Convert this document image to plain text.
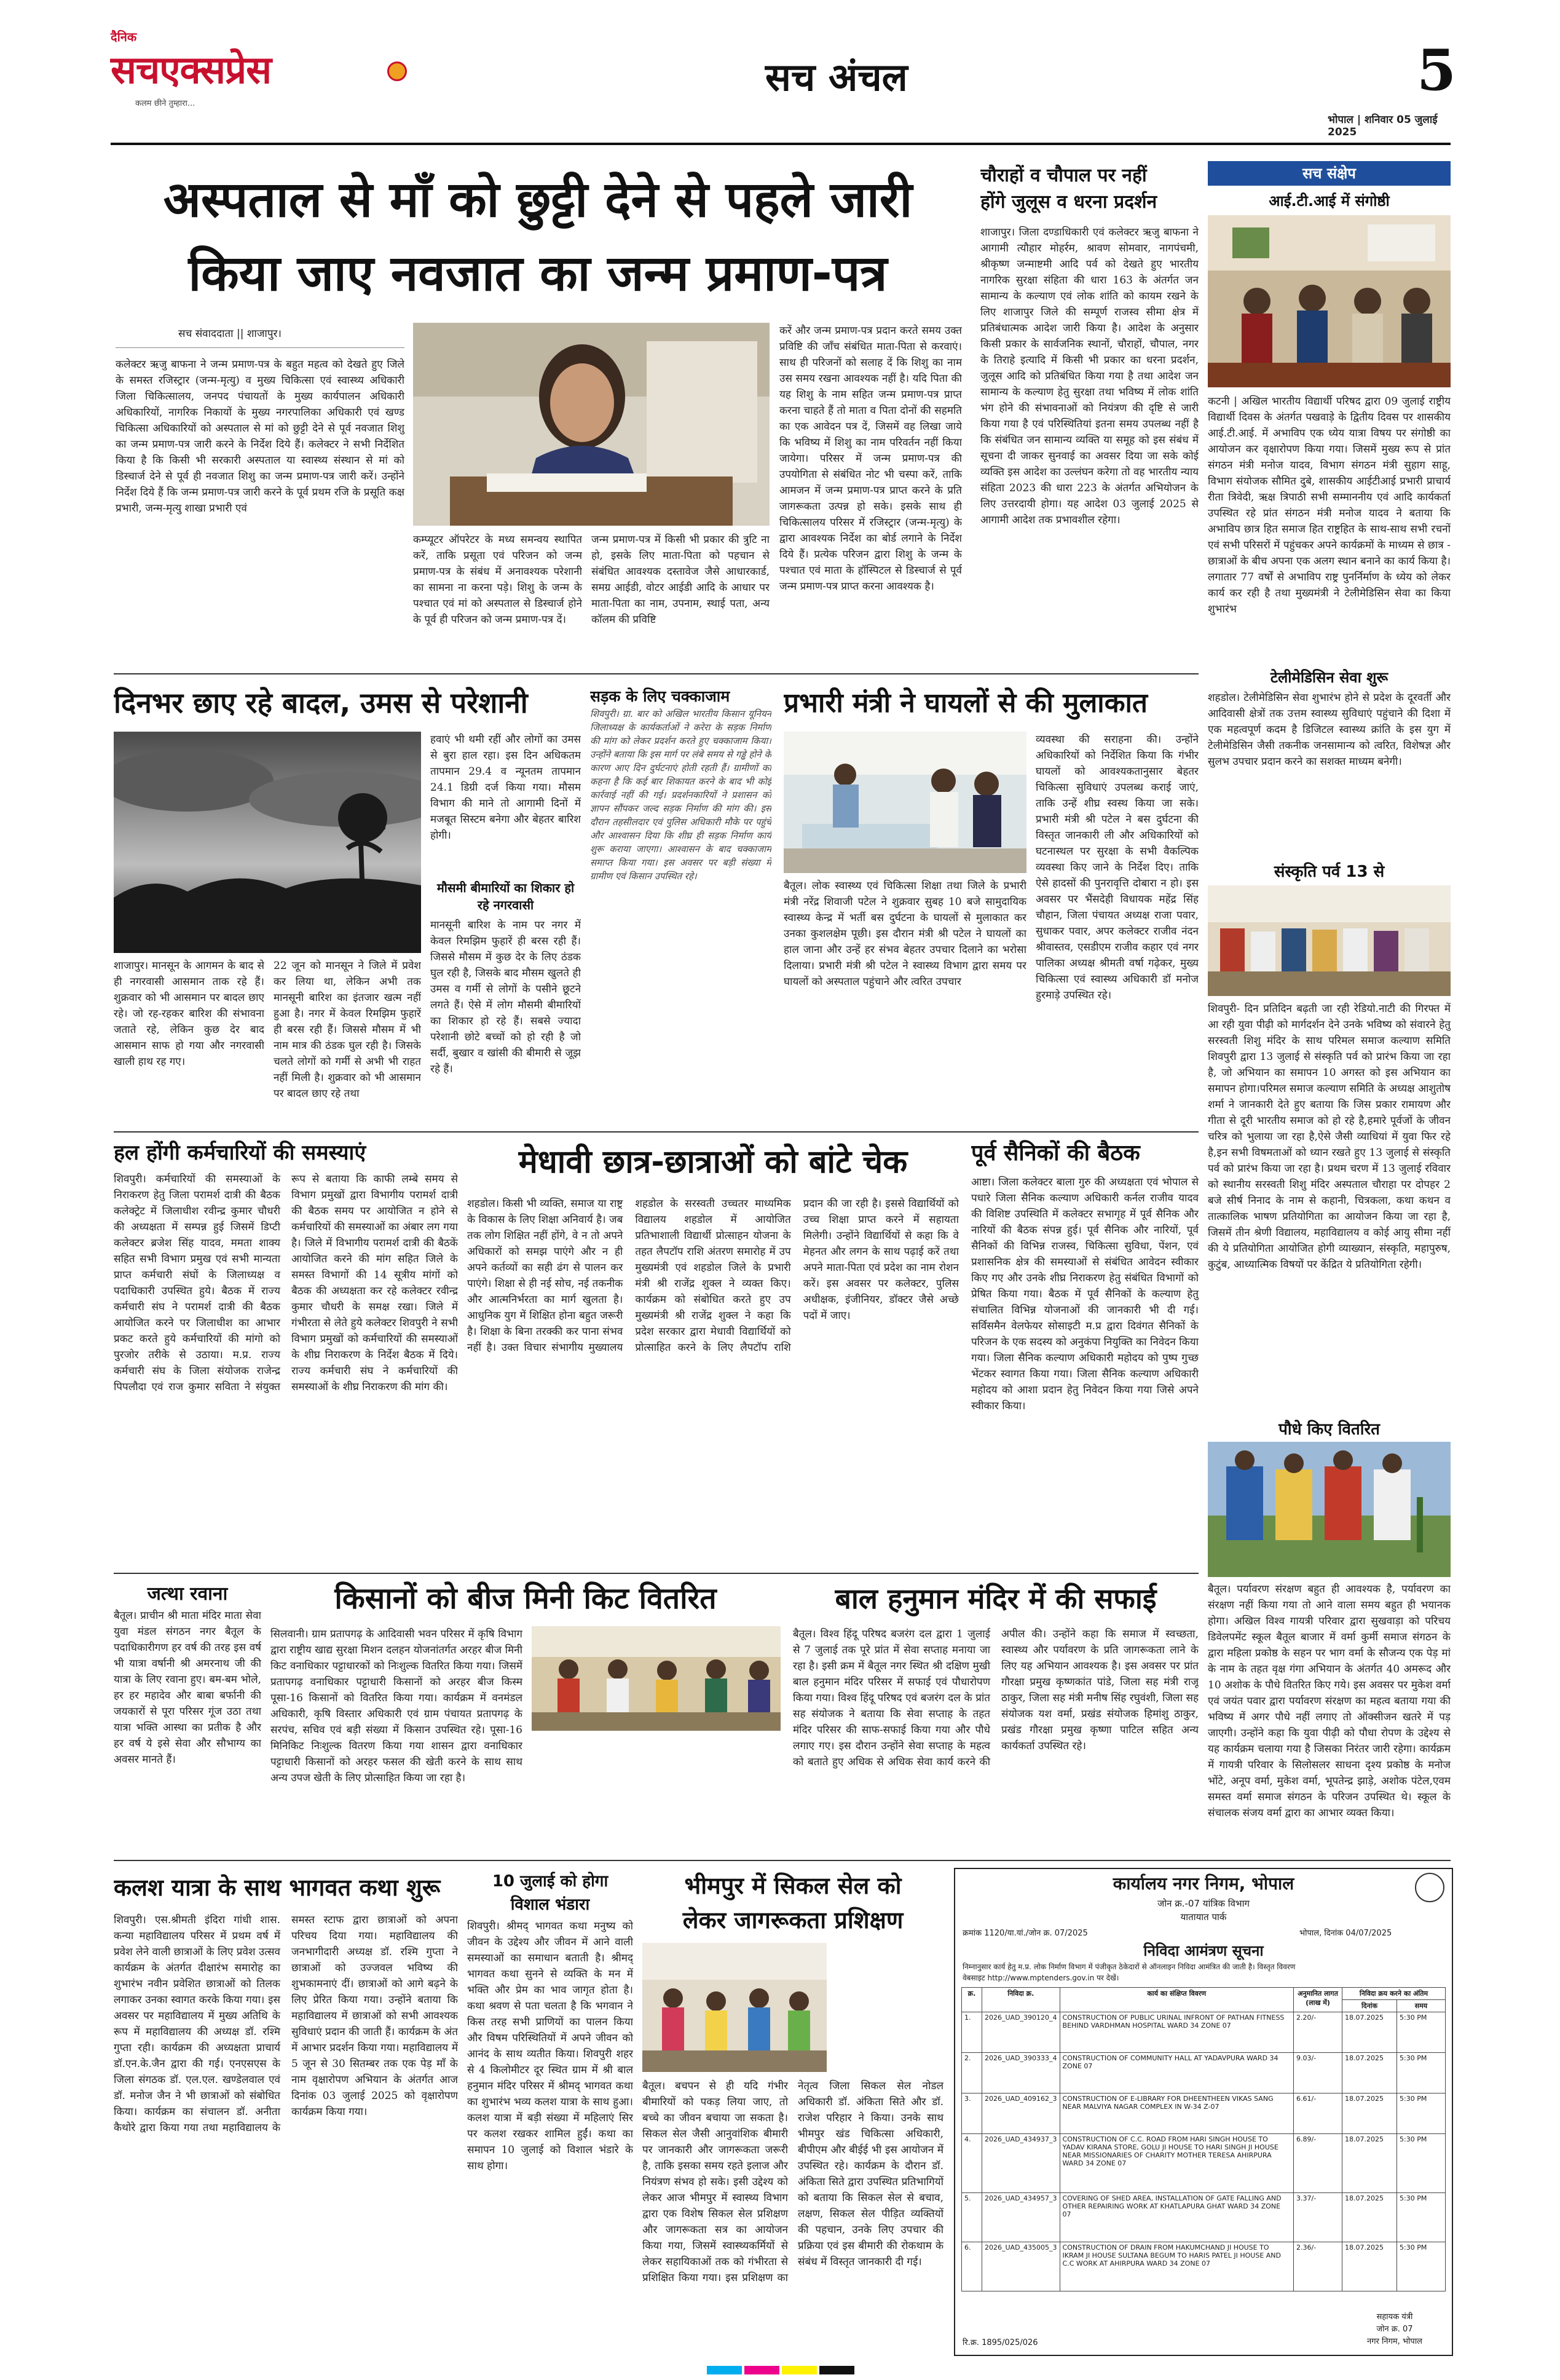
दैनिक
सचएक्सप्रेस
कलम छीने तुम्हारा...
सच अंचल	5
भोपाल | शनिवार 05 जुलाई 2025
अस्पताल से माँ को छुट्टी देने से पहले जारी
किया जाए नवजात का जन्म प्रमाण-पत्र
सच संवाददाता || शाजापुर।
कलेक्टर ऋजु बाफना ने जन्म प्रमाण-पत्र के बहुत महत्व को देखते हुए जिले के समस्त रजिस्ट्रार (जन्म-मृत्यु) व मुख्य चिकित्सा एवं स्वास्थ्य अधिकारी जिला चिकित्सालय, जनपद पंचायतों के मुख्य कार्यपालन अधिकारी अधिकारियों, नागरिक निकायों के मुख्य नगरपालिका अधिकारी एवं खण्ड चिकित्सा अधिकारियों को अस्पताल से मां को छुट्टी देने से पूर्व नवजात शिशु का जन्म प्रमाण-पत्र जारी करने के निर्देश दिये हैं। कलेक्टर ने सभी निर्देशित किया है कि किसी भी सरकारी अस्पताल या स्वास्थ्य संस्थान से मां को डिस्चार्ज देने से पूर्व ही नवजात शिशु का जन्म प्रमाण-पत्र जारी करें। उन्होंने निर्देश दिये हैं कि जन्म प्रमाण-पत्र जारी करने के पूर्व प्रथम रजि के प्रसूति कक्ष प्रभारी, जन्म-मृत्यु शाखा प्रभारी एवं
कम्प्यूटर ऑपरेटर के मध्य समन्वय स्थापित करें, ताकि प्रसूता एवं परिजन को जन्म प्रमाण-पत्र के संबंध में अनावश्यक परेशानी का सामना ना करना पड़े। शिशु के जन्म के पश्चात एवं मां को अस्पताल से डिस्चार्ज होने के पूर्व ही परिजन को जन्म प्रमाण-पत्र दें।
जन्म प्रमाण-पत्र में किसी भी प्रकार की त्रुटि ना हो, इसके लिए माता-पिता को पहचान से संबंधित आवश्यक दस्तावेज जैसे आधारकार्ड, समग्र आईडी, वोटर आईडी आदि के आधार पर माता-पिता का नाम, उपनाम, स्थाई पता, अन्य कॉलम की प्रविष्टि
करें और जन्म प्रमाण-पत्र प्रदान करते समय उक्त प्रविष्टि की जाँच संबंधित माता-पिता से करवाएं। साथ ही परिजनों को सलाह दें कि शिशु का नाम उस समय रखना आवश्यक नहीं है। यदि पिता की यह शिशु के नाम सहित जन्म प्रमाण-पत्र प्राप्त करना चाहते हैं तो माता व पिता दोनों की सहमति का एक आवेदन पत्र दें, जिसमें वह लिखा जाये कि भविष्य में शिशु का नाम परिवर्तन नहीं किया जायेगा। परिसर में जन्म प्रमाण-पत्र की उपयोगिता से संबंधित नोट भी चस्पा करें, ताकि आमजन में जन्म प्रमाण-पत्र प्राप्त करने के प्रति जागरूकता उत्पन्न हो सके। इसके साथ ही चिकित्सालय परिसर में रजिस्ट्रार (जन्म-मृत्यु) के द्वारा आवश्यक निर्देश का बोर्ड लगाने के निर्देश दिये हैं। प्रत्येक परिजन द्वारा शिशु के जन्म के पश्चात एवं माता के हॉस्पिटल से डिस्चार्ज से पूर्व जन्म प्रमाण-पत्र प्राप्त करना आवश्यक है।
चौराहों व चौपाल पर नहीं
होंगे जुलूस व धरना प्रदर्शन
शाजापुर। जिला दण्डाधिकारी एवं कलेक्टर ऋजु बाफना ने आगामी त्यौहार मोहर्रम, श्रावण सोमवार, नागपंचमी, श्रीकृष्ण जन्माष्टमी आदि पर्व को देखते हुए भारतीय नागरिक सुरक्षा संहिता की धारा 163 के अंतर्गत जन सामान्य के कल्याण एवं लोक शांति को कायम रखने के लिए शाजापुर जिले की सम्पूर्ण राजस्व सीमा क्षेत्र में प्रतिबंधात्मक आदेश जारी किया है। आदेश के अनुसार किसी प्रकार के सार्वजनिक स्थानों, चौराहों, चौपाल, नगर के तिराहे इत्यादि में किसी भी प्रकार का धरना प्रदर्शन, जुलूस आदि को प्रतिबंधित किया गया है तथा आदेश जन सामान्य के कल्याण हेतु सुरक्षा तथा भविष्य में लोक शांति भंग होने की संभावनाओं को नियंत्रण की दृष्टि से जारी किया गया है एवं परिस्थितियां इतना समय उपलब्ध नहीं है कि संबंधित जन सामान्य व्यक्ति या समूह को इस संबंध में सूचना दी जाकर सुनवाई का अवसर दिया जा सके कोई व्यक्ति इस आदेश का उल्लंघन करेगा तो वह भारतीय न्याय संहिता 2023 की धारा 223 के अंतर्गत अभियोजन के लिए उत्तरदायी होगा। यह आदेश 03 जुलाई 2025 से आगामी आदेश तक प्रभावशील रहेगा।
सच संक्षेप
आई.टी.आई में संगोष्ठी
कटनी | अखिल भारतीय विद्यार्थी परिषद द्वारा 09 जुलाई राष्ट्रीय विद्यार्थी दिवस के अंतर्गत पखवाड़े के द्वितीय दिवस पर शासकीय आई.टी.आई. में अभाविप एक ध्येय यात्रा विषय पर संगोष्ठी का आयोजन कर वृक्षारोपण किया गया। जिसमें मुख्य रूप से प्रांत संगठन मंत्री मनोज यादव, विभाग संगठन मंत्री सुहाग साहू, विभाग संयोजक सौमित दुबे, शासकीय आईटीआई प्रभारी प्राचार्य रीता त्रिवेदी, ऋक्ष त्रिपाठी सभी सम्माननीय एवं आदि कार्यकर्ता उपस्थित रहे प्रांत संगठन मंत्री मनोज यादव ने बताया कि अभाविप छात्र हित समाज हित राष्ट्रहित के साथ-साथ सभी रचनों एवं सभी परिसरों में पहुंचकर अपने कार्यक्रमों के माध्यम से छात्र - छात्राओं के बीच अपना एक अलग स्थान बनाने का कार्य किया है। लगातार 77 वर्षों से अभाविप राष्ट्र पुनर्निर्माण के ध्येय को लेकर कार्य कर रही है तथा मुख्यमंत्री ने टेलीमेडिसिन सेवा का किया शुभारंभ
टेलीमेडिसिन सेवा शुरू
शहडोल। टेलीमेडिसिन सेवा शुभारंभ होने से प्रदेश के दूरवर्ती और आदिवासी क्षेत्रों तक उत्तम स्वास्थ्य सुविधाएं पहुंचाने की दिशा में एक महत्वपूर्ण कदम है डिजिटल स्वास्थ्य क्रांति के इस युग में टेलीमेडिसिन जैसी तकनीक जनसामान्य को त्वरित, विशेषज्ञ और सुलभ उपचार प्रदान करने का सशक्त माध्यम बनेगी।
संस्कृति पर्व 13 से
शिवपुरी- दिन प्रतिदिन बढ़ती जा रही रेडियो.नाटी की गिरफ्त में आ रही युवा पीढ़ी को मार्गदर्शन देने उनके भविष्य को संवारने हेतु सरस्वती शिशु मंदिर के साथ परिमल समाज कल्याण समिति शिवपुरी द्वारा 13 जुलाई से संस्कृति पर्व को प्रारंभ किया जा रहा है, जो अभियान का समापन 10 अगस्त को इस अभियान का समापन होगा।परिमल समाज कल्याण समिति के अध्यक्ष आशुतोष शर्मा ने जानकारी देते हुए बताया कि जिस प्रकार रामायण और गीता से दूरी भारतीय समाज को हो रहे है,हमारे पूर्वजों के जीवन चरित्र को भुलाया जा रहा है,ऐसे जैसी व्याधियां में युवा फिर रहे है,इन सभी विषमताओं को ध्यान रखते हुए 13 जुलाई से संस्कृति पर्व को प्रारंभ किया जा रहा है। प्रथम चरण में 13 जुलाई रविवार को स्थानीय सरस्वती शिशु मंदिर अस्पताल चौराहा पर दोपहर 2 बजे सीर्ष निनाद के नाम से कहानी, चित्रकला, कथा कथन व तात्कालिक भाषण प्रतियोगिता का आयोजन किया जा रहा है, जिसमें तीन श्रेणी विद्यालय, महाविद्यालय व कोई आयु सीमा नहीं की ये प्रतियोगिता आयोजित होगी व्याख्यान, संस्कृति, महापुरुष, कुटुंब, आध्यात्मिक विषयों पर केंद्रित ये प्रतियोगिता रहेगी।
पौधे किए वितरित
बैतूल। पर्यावरण संरक्षण बहुत ही आवश्यक है, पर्यावरण का संरक्षण नहीं किया गया तो आने वाला समय बहुत ही भयानक होगा। अखिल विश्व गायत्री परिवार द्वारा सुखवाड़ा को परिचय डिवेलपमेंट स्कूल बैतूल बाजार में वर्मा कुर्मी समाज संगठन के द्वारा महिला प्रकोष्ठ के सहन पर भाग वर्मा के सौजन्य एक पेड़ मां के नाम के तहत वृक्ष गंगा अभियान के अंतर्गत 40 अमरूद और 10 अशोक के पौधे वितरित किए गये। इस अवसर पर मुकेश वर्मा एवं जयंत पवार द्वारा पर्यावरण संरक्षण का महत्व बताया गया की भविष्य में अगर पौधे नहीं लगाए तो ऑक्सीजन खतरे में पड़ जाएगी। उन्होंने कहा कि युवा पीढ़ी को पौधा रोपण के उद्देश्य से यह कार्यक्रम चलाया गया है जिसका निरंतर जारी रहेगा। कार्यक्रम में गायत्री परिवार के सिलोसलर साधना दृश्य प्रकोष्ठ के मनोज भोंटे, अनूप वर्मा, मुकेश वर्मा, भूपतेन्द्र झाड़े, अशोक पंटेल,एवम समस्त वर्मा समाज संगठन के परिजन उपस्थित थे। स्कूल के संचालक संजय वर्मा द्वारा का आभार व्यक्त किया।
दिनभर छाए रहे बादल, उमस से परेशानी
शाजापुर। मानसून के आगमन के बाद से ही नगरवासी आसमान ताक रहे हैं। शुक्रवार को भी आसमान पर बादल छाए रहे। जो रह-रहकर बारिश की संभावना जताते रहे, लेकिन कुछ देर बाद आसमान साफ हो गया और नगरवासी खाली हाथ रह गए।
22 जून को मानसून ने जिले में प्रवेश कर लिया था, लेकिन अभी तक मानसूनी बारिश का इंतजार खत्म नहीं हुआ है। नगर में केवल रिमझिम फुहारें ही बरस रही हैं। जिससे मौसम में भी नाम मात्र की ठंडक घुल रही है। जिसके चलते लोगों को गर्मी से अभी भी राहत नहीं मिली है। शुक्रवार को भी आसमान पर बादल छाए रहे तथा
हवाएं भी थमी रहीं और लोगों का उमस से बुरा हाल रहा। इस दिन अधिकतम तापमान 29.4 व न्यूनतम तापमान 24.1 डिग्री दर्ज किया गया। मौसम विभाग की माने तो आगामी दिनों में मजबूत सिस्टम बनेगा और बेहतर बारिश होगी।
मौसमी बीमारियों का शिकार हो रहे नगरवासी
मानसूनी बारिश के नाम पर नगर में केवल रिमझिम फुहारें ही बरस रही हैं। जिससे मौसम में कुछ देर के लिए ठंडक घुल रही है, जिसके बाद मौसम खुलते ही उमस व गर्मी से लोगों के पसीने छूटने लगते हैं। ऐसे में लोग मौसमी बीमारियों का शिकार हो रहे हैं। सबसे ज्यादा परेशानी छोटे बच्चों को हो रही है जो सर्दी, बुखार व खांसी की बीमारी से जूझ रहे हैं।
सड़क के लिए चक्काजाम
शिवपुरी। ग्रा. बार को अखिल भारतीय किसान यूनियन जिलाध्यक्ष के कार्यकर्ताओं ने करेरा के सड़क निर्माण की मांग को लेकर प्रदर्शन करते हुए चक्काजाम किया। उन्होंने बताया कि इस मार्ग पर लंबे समय से गड्ढे होने के कारण आए दिन दुर्घटनाएं होती रहती हैं। ग्रामीणों का कहना है कि कई बार शिकायत करने के बाद भी कोई कार्रवाई नहीं की गई। प्रदर्शनकारियों ने प्रशासन को ज्ञापन सौंपकर जल्द सड़क निर्माण की मांग की। इस दौरान तहसीलदार एवं पुलिस अधिकारी मौके पर पहुंचे और आश्वासन दिया कि शीघ्र ही सड़क निर्माण कार्य शुरू कराया जाएगा। आश्वासन के बाद चक्काजाम समाप्त किया गया। इस अवसर पर बड़ी संख्या में ग्रामीण एवं किसान उपस्थित रहे।
प्रभारी मंत्री ने घायलों से की मुलाकात
बैतूल। लोक स्वास्थ्य एवं चिकित्सा शिक्षा तथा जिले के प्रभारी मंत्री नरेंद्र शिवाजी पटेल ने शुक्रवार सुबह 10 बजे सामुदायिक स्वास्थ्य केन्द्र में भर्ती बस दुर्घटना के घायलों से मुलाकात कर उनका कुशलक्षेम पूछी। इस दौरान मंत्री श्री पटेल ने घायलों का हाल जाना और उन्हें हर संभव बेहतर उपचार दिलाने का भरोसा दिलाया। प्रभारी मंत्री श्री पटेल ने स्वास्थ्य विभाग द्वारा समय पर घायलों को अस्पताल पहुंचाने और त्वरित उपचार
व्यवस्था की सराहना की। उन्होंने अधिकारियों को निर्देशित किया कि गंभीर घायलों को आवश्यकतानुसार बेहतर चिकित्सा सुविधाएं उपलब्ध कराई जाएं, ताकि उन्हें शीघ्र स्वस्थ किया जा सके। प्रभारी मंत्री श्री पटेल ने बस दुर्घटना की विस्तृत जानकारी ली और अधिकारियों को घटनास्थल पर सुरक्षा के सभी वैकल्पिक व्यवस्था किए जाने के निर्देश दिए। ताकि ऐसे हादसों की पुनरावृत्ति दोबारा न हो। इस अवसर पर भैंसदेही विधायक महेंद्र सिंह चौहान, जिला पंचायत अध्यक्ष राजा पवार, सुधाकर पवार, अपर कलेक्टर राजीव नंदन श्रीवास्तव, एसडीएम राजीव कहार एवं नगर पालिका अध्यक्ष श्रीमती वर्षा गढ़ेकर, मुख्य चिकित्सा एवं स्वास्थ्य अधिकारी डॉ मनोज हुरमाड़े उपस्थित रहे।
हल होंगी कर्मचारियों की समस्याएं
शिवपुरी। कर्मचारियों की समस्याओं के निराकरण हेतु जिला परामर्श दात्री की बैठक कलेक्ट्रेट में जिलाधीश रवीन्द्र कुमार चौधरी की अध्यक्षता में सम्पन्न हुई जिसमें डिप्टी कलेक्टर ब्रजेश सिंह यादव, ममता शाक्य सहित सभी विभाग प्रमुख एवं सभी मान्यता प्राप्त कर्मचारी संघों के जिलाध्यक्ष व पदाधिकारी उपस्थित हुये। बैठक में राज्य कर्मचारी संघ ने परामर्श दात्री की बैठक आयोजित करने पर जिलाधीश का आभार प्रकट करते हुये कर्मचारियों की मांगो को पुरजोर तरीके से उठाया। म.प्र. राज्य कर्मचारी संघ के जिला संयोजक राजेन्द्र पिपलौदा एवं राज कुमार सविता ने संयुक्त रूप से बताया कि काफी लम्बे समय से विभाग प्रमुखों द्वारा विभागीय परामर्श दात्री की बैठक समय पर आयोजित न होने से कर्मचारियों की समस्याओं का अंबार लग गया है। जिले में विभागीय परामर्श दात्री की बैठकें आयोजित करने की मांग सहित जिले के समस्त विभागों की 14 सूत्रीय मांगों को बैठक की अध्यक्षता कर रहे कलेक्टर रवीन्द्र कुमार चौधरी के समक्ष रखा। जिले में गंभीरता से लेते हुये कलेक्टर शिवपुरी ने सभी विभाग प्रमुखों को कर्मचारियों की समस्याओं के शीघ्र निराकरण के निर्देश बैठक में दिये। राज्य कर्मचारी संघ ने कर्मचारियों की समस्याओं के शीघ्र निराकरण की मांग की।
मेधावी छात्र-छात्राओं को बांटे चेक
शहडोल। किसी भी व्यक्ति, समाज या राष्ट्र के विकास के लिए शिक्षा अनिवार्य है। जब तक लोग शिक्षित नहीं होंगे, वे न तो अपने अधिकारों को समझ पाएंगे और न ही अपने कर्तव्यों का सही ढंग से पालन कर पाएंगे। शिक्षा से ही नई सोच, नई तकनीक और आत्मनिर्भरता का मार्ग खुलता है। आधुनिक युग में शिक्षित होना बहुत जरूरी है। शिक्षा के बिना तरक्की कर पाना संभव नहीं है। उक्त विचार संभागीय मुख्यालय शहडोल के सरस्वती उच्चतर माध्यमिक विद्यालय शहडोल में आयोजित प्रतिभाशाली विद्यार्थी प्रोत्साहन योजना के तहत लैपटॉप राशि अंतरण समारोह में उप मुख्यमंत्री एवं शहडोल जिले के प्रभारी मंत्री श्री राजेंद्र शुक्ल ने व्यक्त किए। कार्यक्रम को संबोधित करते हुए उप मुख्यमंत्री श्री राजेंद्र शुक्ल ने कहा कि प्रदेश सरकार द्वारा मेधावी विद्यार्थियों को प्रोत्साहित करने के लिए लैपटॉप राशि प्रदान की जा रही है। इससे विद्यार्थियों को उच्च शिक्षा प्राप्त करने में सहायता मिलेगी। उन्होंने विद्यार्थियों से कहा कि वे मेहनत और लगन के साथ पढ़ाई करें तथा अपने माता-पिता एवं प्रदेश का नाम रोशन करें। इस अवसर पर कलेक्टर, पुलिस अधीक्षक, इंजीनियर, डॉक्टर जैसे अच्छे पदों में जाए।
पूर्व सैनिकों की बैठक
आष्टा। जिला कलेक्टर बाला गुरु की अध्यक्षता एवं भोपाल से पधारे जिला सैनिक कल्याण अधिकारी कर्नल राजीव यादव की विशिष्ट उपस्थिति में कलेक्टर सभागृह में पूर्व सैनिक और नारियों की बैठक संपन्न हुई। पूर्व सैनिक और नारियों, पूर्व सैनिकों की विभिन्न राजस्व, चिकित्सा सुविधा, पेंशन, एवं प्रशासनिक क्षेत्र की समस्याओं से संबंधित आवेदन स्वीकार किए गए और उनके शीघ्र निराकरण हेतु संबंधित विभागों को प्रेषित किया गया। बैठक में पूर्व सैनिकों के कल्याण हेतु संचालित विभिन्न योजनाओं की जानकारी भी दी गई। सर्विसमैन वेलफेयर सोसाइटी म.प्र द्वारा दिवंगत सैनिकों के परिजन के एक सदस्य को अनुकंपा नियुक्ति का निवेदन किया गया। जिला सैनिक कल्याण अधिकारी महोदय को पुष्प गुच्छ भेंटकर स्वागत किया गया। जिला सैनिक कल्याण अधिकारी महोदय को आशा प्रदान हेतु निवेदन किया गया जिसे अपने स्वीकार किया।
जत्था रवाना
बैतूल। प्राचीन श्री माता मंदिर माता सेवा युवा मंडल संगठन नगर बैतूल के पदाधिकारीगण हर वर्ष की तरह इस वर्ष भी यात्रा वर्षानी श्री अमरनाथ जी की यात्रा के लिए रवाना हुए। बम-बम भोले, हर हर महादेव और बाबा बर्फानी की जयकारों से पूरा परिसर गूंज उठा तथा यात्रा भक्ति आस्था का प्रतीक है और हर वर्ष ये इसे सेवा और सौभाग्य का अवसर मानते हैं।
किसानों को बीज मिनी किट वितरित
सिलवानी। ग्राम प्रतापगढ़ के आदिवासी भवन परिसर में कृषि विभाग द्वारा राष्ट्रीय खाद्य सुरक्षा मिशन दलहन योजनांतर्गत अरहर बीज मिनी किट वनाधिकार पट्टाधारकों को निःशुल्क वितरित किया गया। जिसमें प्रतापगढ़ वनाधिकार पट्टाधारी किसानों को अरहर बीज किस्म पूसा-16 किसानों को वितरित किया गया। कार्यक्रम में वनमंडल अधिकारी, कृषि विस्तार अधिकारी एवं ग्राम पंचायत प्रतापगढ़ के सरपंच, सचिव एवं बड़ी संख्या में किसान उपस्थित रहे। पूसा-16 मिनिकिट निःशुल्क वितरण किया गया शासन द्वारा वनाधिकार पट्टाधारी किसानों को अरहर फसल की खेती करने के साथ साथ अन्य उपज खेती के लिए प्रोत्साहित किया जा रहा है।
बाल हनुमान मंदिर में की सफाई
बैतूल। विश्व हिंदू परिषद बजरंग दल द्वारा 1 जुलाई से 7 जुलाई तक पूरे प्रांत में सेवा सप्ताह मनाया जा रहा है। इसी क्रम में बैतूल नगर स्थित श्री दक्षिण मुखी बाल हनुमान मंदिर परिसर में सफाई एवं पौधारोपण किया गया। विश्व हिंदू परिषद एवं बजरंग दल के प्रांत सह संयोजक ने बताया कि सेवा सप्ताह के तहत मंदिर परिसर की साफ-सफाई किया गया और पौधे लगाए गए। इस दौरान उन्होंने सेवा सप्ताह के महत्व को बताते हुए अधिक से अधिक सेवा कार्य करने की अपील की। उन्होंने कहा कि समाज में स्वच्छता, स्वास्थ्य और पर्यावरण के प्रति जागरूकता लाने के लिए यह अभियान आवश्यक है। इस अवसर पर प्रांत गौरक्षा प्रमुख कृष्णकांत पांडे, जिला सह मंत्री राजू ठाकुर, जिला सह मंत्री मनीष सिंह रघुवंशी, जिला सह संयोजक यश वर्मा, प्रखंड संयोजक हिमांशु ठाकुर, प्रखंड गौरक्षा प्रमुख कृष्णा पाटिल सहित अन्य कार्यकर्ता उपस्थित रहे।
कलश यात्रा के साथ भागवत कथा शुरू
शिवपुरी। एस.श्रीमती इंदिरा गांधी शास. कन्या महाविद्यालय परिसर में प्रथम वर्ष में प्रवेश लेने वाली छात्राओं के लिए प्रवेश उत्सव कार्यक्रम के अंतर्गत दीक्षारंभ समारोह का शुभारंभ नवीन प्रवेशित छात्राओं को तिलक लगाकर उनका स्वागत करके किया गया। इस अवसर पर महाविद्यालय में मुख्य अतिथि के रूप में महाविद्यालय की अध्यक्ष डॉ. रश्मि गुप्ता रही। कार्यक्रम की अध्यक्षता प्राचार्य डॉ.एन.के.जैन द्वारा की गई। एनएसएस के जिला संगठक डॉ. एल.एल. खण्डेलवाल एवं डॉ. मनोज जैन ने भी छात्राओं को संबोधित किया। कार्यक्रम का संचालन डॉ. अनीता कैथोरे द्वारा किया गया तथा महाविद्यालय के समस्त स्टाफ द्वारा छात्राओं को अपना परिचय दिया गया। महाविद्यालय की जनभागीदारी अध्यक्ष डॉ. रश्मि गुप्ता ने छात्राओं को उज्जवल भविष्य की शुभकामनाएं दीं। छात्राओं को आगे बढ़ने के लिए प्रेरित किया गया। उन्होंने बताया कि महाविद्यालय में छात्राओं को सभी आवश्यक सुविधाएं प्रदान की जाती हैं। कार्यक्रम के अंत में आभार प्रदर्शन किया गया। महाविद्यालय में 5 जून से 30 सितम्बर तक एक पेड़ माँ के नाम वृक्षारोपण अभियान के अंतर्गत आज दिनांक 03 जुलाई 2025 को वृक्षारोपण कार्यक्रम किया गया।
10 जुलाई को होगा
विशाल भंडारा
शिवपुरी। श्रीमद् भागवत कथा मनुष्य को जीवन के उद्देश्य और जीवन में आने वाली समस्याओं का समाधान बताती है। श्रीमद् भागवत कथा सुनने से व्यक्ति के मन में भक्ति और प्रेम का भाव जागृत होता है। कथा श्रवण से पता चलता है कि भगवान ने किस तरह सभी प्राणियों का पालन किया और विषम परिस्थितियों में अपने जीवन को आनंद के साथ व्यतीत किया। शिवपुरी शहर से 4 किलोमीटर दूर स्थित ग्राम में श्री बाल हनुमान मंदिर परिसर में श्रीमद् भागवत कथा का शुभारंभ भव्य कलश यात्रा के साथ हुआ। कलश यात्रा में बड़ी संख्या में महिलाएं सिर पर कलश रखकर शामिल हुईं। कथा का समापन 10 जुलाई को विशाल भंडारे के साथ होगा।
भीमपुर में सिकल सेल को
लेकर जागरूकता प्रशिक्षण
बैतूल। बचपन से ही यदि गंभीर बीमारियों को पकड़ लिया जाए, तो बच्चे का जीवन बचाया जा सकता है। सिकल सेल जैसी आनुवांशिक बीमारी पर जानकारी और जागरूकता जरूरी है, ताकि इसका समय रहते इलाज और नियंत्रण संभव हो सके। इसी उद्देश्य को लेकर आज भीमपुर में स्वास्थ्य विभाग द्वारा एक विशेष सिकल सेल प्रशिक्षण और जागरूकता सत्र का आयोजन किया गया, जिसमें स्वास्थ्यकर्मियों से लेकर सहायिकाओं तक को गंभीरता से प्रशिक्षित किया गया। इस प्रशिक्षण का नेतृत्व जिला सिकल सेल नोडल अधिकारी डॉ. अंकिता सिते और डॉ. राजेश परिहार ने किया। उनके साथ भीमपुर खंड चिकित्सा अधिकारी, बीपीएम और बीईई भी इस आयोजन में उपस्थित रहे। कार्यक्रम के दौरान डॉ. अंकिता सिते द्वारा उपस्थित प्रतिभागियों को बताया कि सिकल सेल से बचाव, लक्षण, सिकल सेल पीड़ित व्यक्तियों की पहचान, उनके लिए उपचार की प्रक्रिया एवं इस बीमारी की रोकथाम के संबंध में विस्तृत जानकारी दी गई।
कार्यालय नगर निगम, भोपाल
जोन क्र.-07 यांत्रिक विभाग
यातायात पार्क
क्रमांक 1120/या.यां./जोन क्र. 07/2025	भोपाल, दिनांक 04/07/2025
निविदा आमंत्रण सूचना
निम्नानुसार कार्य हेतु म.प्र. लोक निर्माण विभाग में पंजीकृत ठेकेदारों से ऑनलाइन निविदा आमंत्रित की जाती है। विस्तृत विवरण
वेबसाइट http://www.mptenders.gov.in पर देखें।
क्र.	निविदा क्र.	कार्य का संक्षिप्त विवरण	अनुमानित लागत (लाख में)	निविदा क्रय करने का अंतिम	
				दिनांक	समय
1.	2026_UAD_390120_4	CONSTRUCTION OF PUBLIC URINAL INFRONT OF PATHAN FITNESS BEHIND VARDHMAN HOSPITAL WARD 34 ZONE 07	2.20/-	18.07.2025	5:30 PM
2.	2026_UAD_390333_4	CONSTRUCTION OF COMMUNITY HALL AT YADAVPURA WARD 34 ZONE 07	9.03/-	18.07.2025	5:30 PM
3.	2026_UAD_409162_3	CONSTRUCTION OF E-LIBRARY FOR DHEENTHEEN VIKAS SANG NEAR MALVIYA NAGAR COMPLEX IN W-34 Z-07	6.61/-	18.07.2025	5:30 PM
4.	2026_UAD_434937_3	CONSTRUCTION OF C.C. ROAD FROM HARI SINGH HOUSE TO YADAV KIRANA STORE, GOLU JI HOUSE TO HARI SINGH JI HOUSE NEAR MISSIONARIES OF CHARITY MOTHER TERESA AHIRPURA WARD 34 ZONE 07	6.89/-	18.07.2025	5:30 PM
5.	2026_UAD_434957_3	COVERING OF SHED AREA, INSTALLATION OF GATE FALLING AND OTHER REPAIRING WORK AT KHATLAPURA GHAT WARD 34 ZONE 07	3.37/-	18.07.2025	5:30 PM
6.	2026_UAD_435005_3	CONSTRUCTION OF DRAIN FROM HAKUMCHAND JI HOUSE TO IKRAM JI HOUSE SULTANA BEGUM TO HARIS PATEL JI HOUSE AND C.C WORK AT AHIRPURA WARD 34 ZONE 07	2.36/-	18.07.2025	5:30 PM
रि.क्र. 1895/025/026
सहायक यंत्री
जोन क्र. 07
नगर निगम, भोपाल
